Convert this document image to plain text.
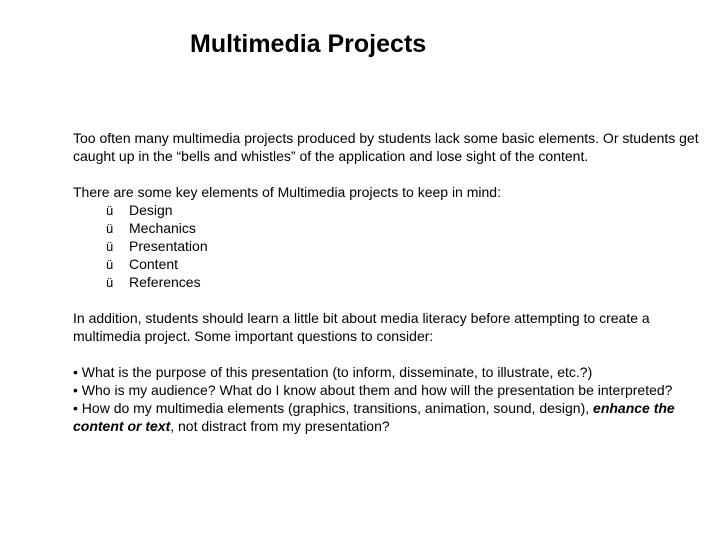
Multimedia Projects

Too often many multimedia projects produced by students lack some basic elements. Or students get caught up in the “bells and whistles” of the application and lose sight of the content.

There are some key elements of Multimedia projects to keep in mind:

ü	Design
ü	Mechanics
ü	Presentation
ü	Content
ü	References

In addition, students should learn a little bit about media literacy before attempting to create a multimedia project. Some important questions to consider:

• What is the purpose of this presentation (to inform, disseminate, to illustrate, etc.?)

• Who is my audience? What do I know about them and how will the presentation be interpreted?

• How do my multimedia elements (graphics, transitions, animation, sound, design), enhance the content or text, not distract from my presentation?
